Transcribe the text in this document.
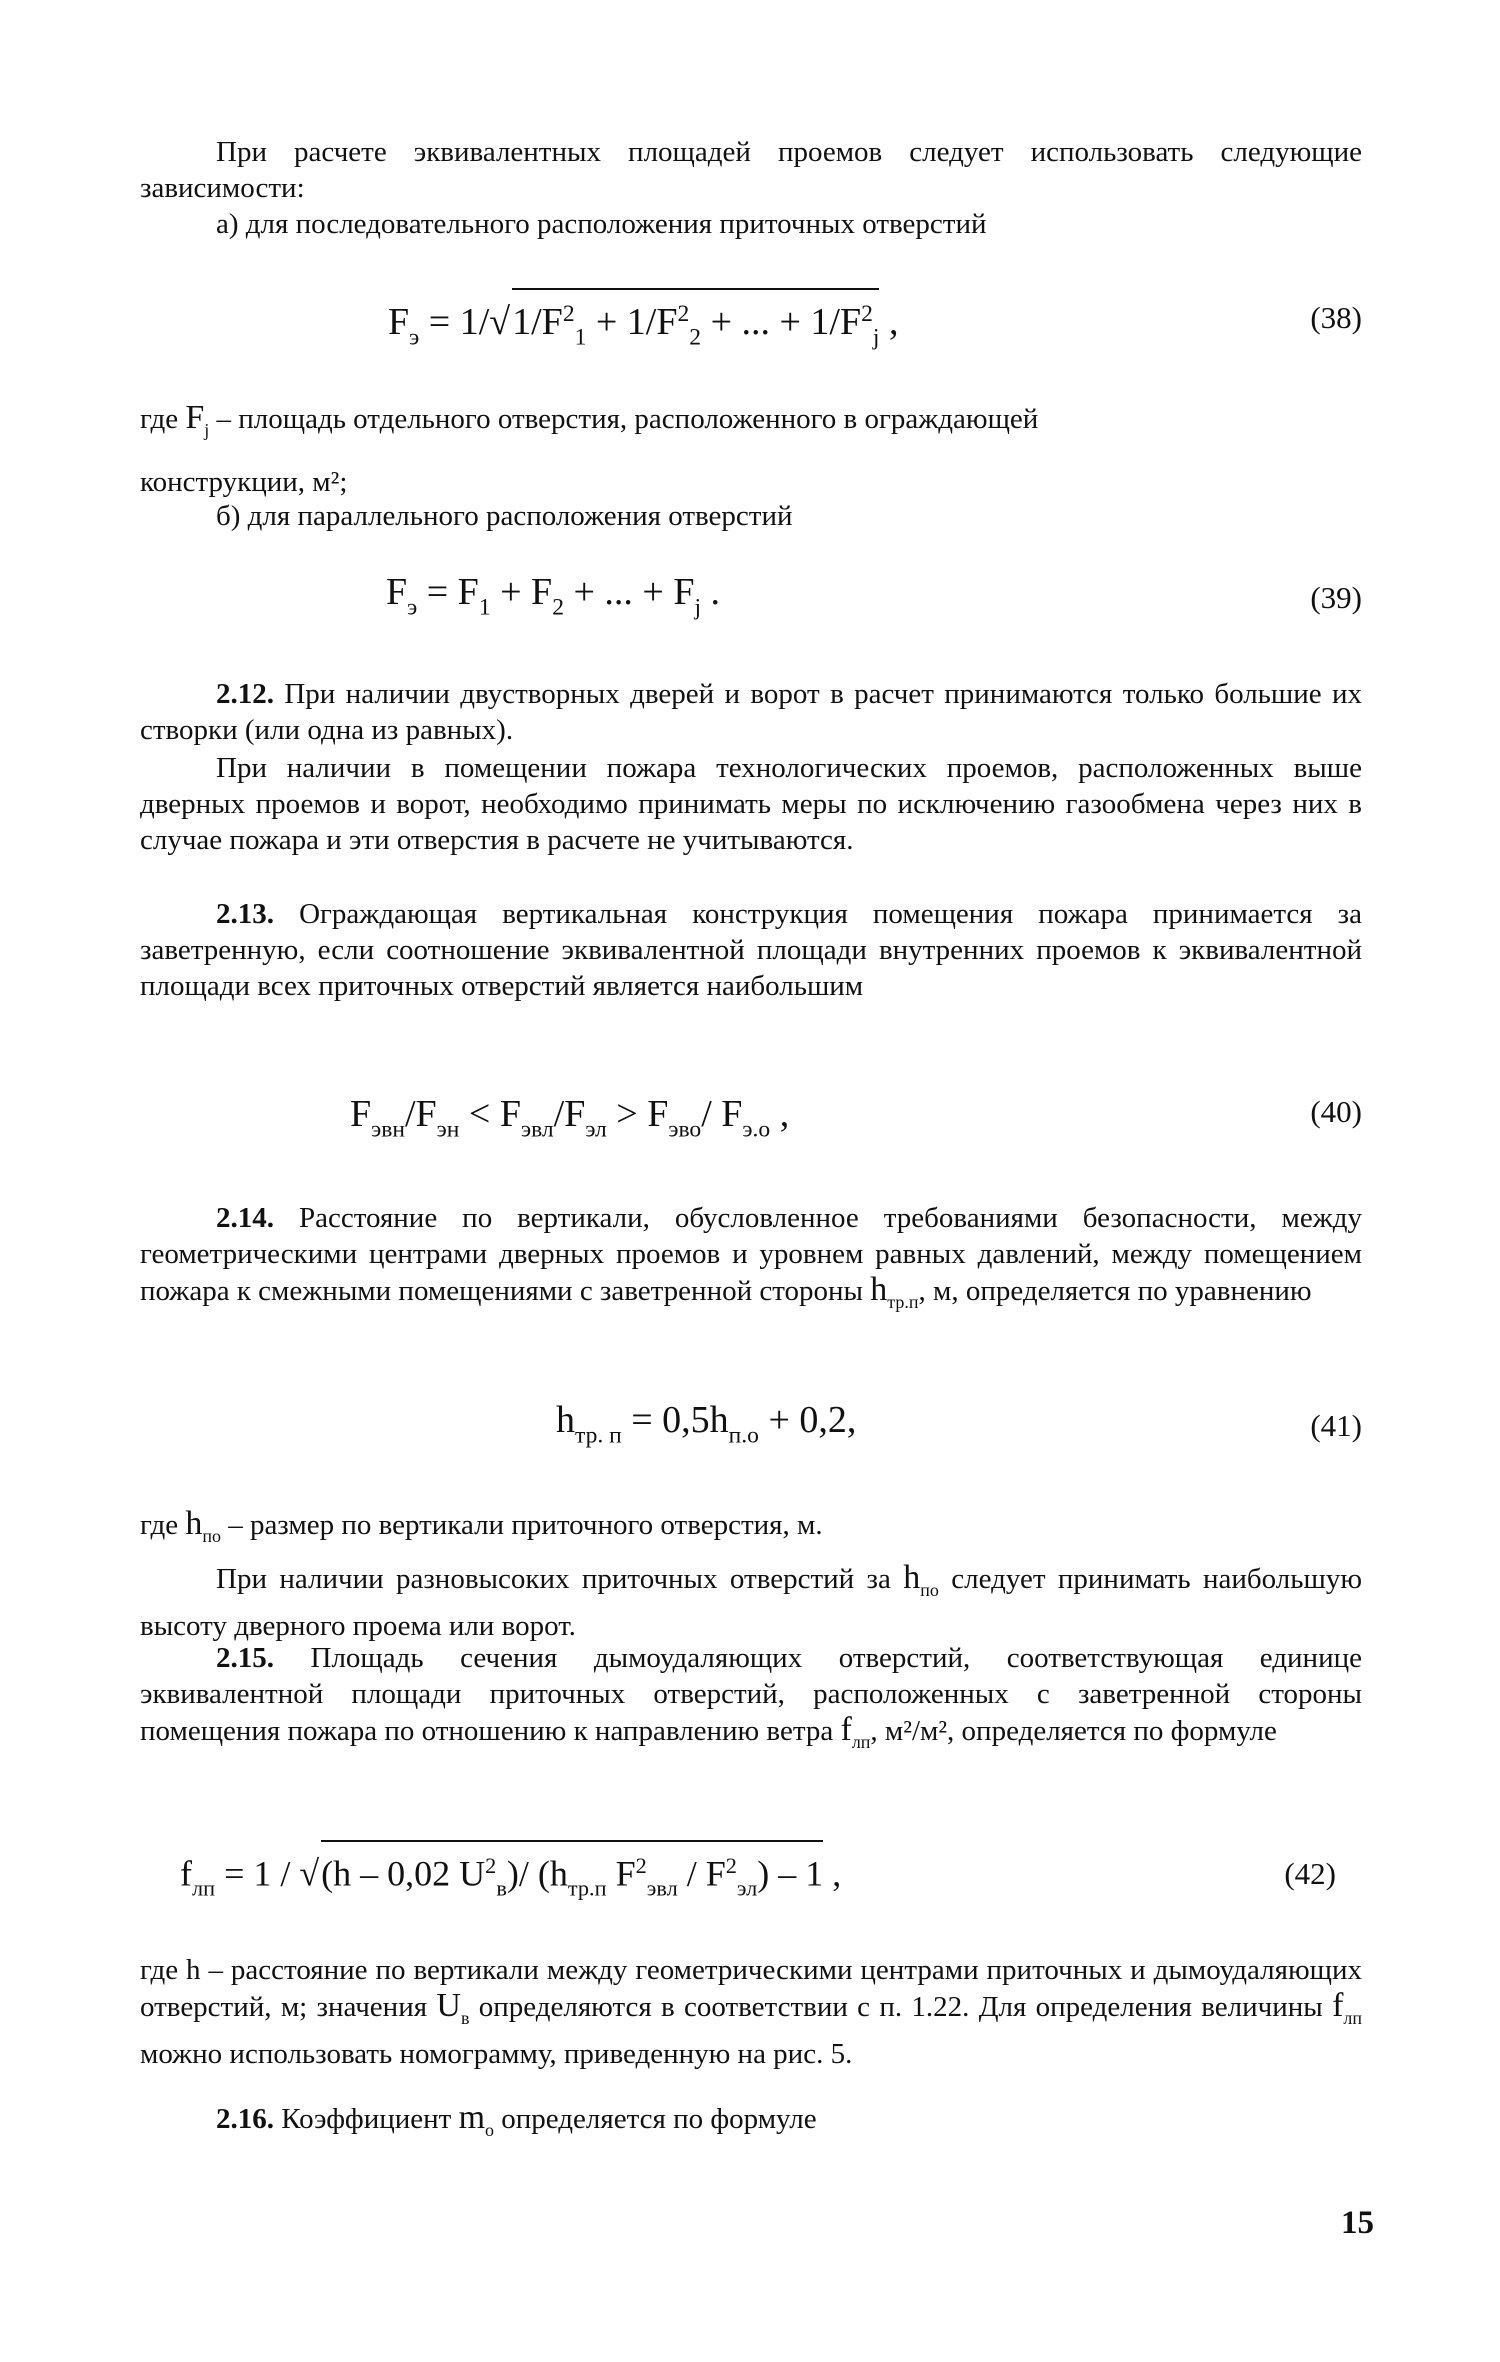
При расчете эквивалентных площадей проемов следует использовать следующие зависимости:

а) для последовательного расположения приточных отверстий

$F_э = 1/√1/F^2_1 + 1/F^2_2$ + ... + $1/F^2_j$ ,	(38)

где $F_j$ – площадь отдельного отверстия, расположенного в ограждающей

конструкции, м²;

б) для параллельного расположения отверстий

$F_э = F_1 + F_2$ + ... + $F_j$ .	(39)

2.12. При наличии двустворных дверей и ворот в расчет принимаются только большие их створки (или одна из равных).

При наличии в помещении пожара технологических проемов, расположенных выше дверных проемов и ворот, необходимо принимать меры по исключению газообмена через них в случае пожара и эти отверстия в расчете не учитываются.

2.13. Ограждающая вертикальная конструкция помещения пожара принимается за заветренную, если соотношение эквивалентной площади внутренних проемов к эквивалентной площади всех приточных отверстий является наибольшим

$F_{эвн}/F_{эн} < F_{эвл}/F_{эл} > F_{эво}/$ $F_{э.о}$ ,	(40)

2.14. Расстояние по вертикали, обусловленное требованиями безопасности, между геометрическими центрами дверных проемов и уровнем равных давлений, между помещением пожара к смежными помещениями с заветренной стороны $h_{тр.п}$, м, определяется по уравнению

$h_{тр. п} = 0,5h_{п.о} + 0,2$,	(41)

где $h_{по}$ – размер по вертикали приточного отверстия, м.

При наличии разновысоких приточных отверстий за $h_{по}$ следует принимать наибольшую высоту дверного проема или ворот.

2.15. Площадь сечения дымоудаляющих отверстий, соответствующая единице эквивалентной площади приточных отверстий, расположенных с заветренной стороны помещения пожара по отношению к направлению ветра $f_{лп}$, м²/м², определяется по формуле

$f_{лп} = 1 / √(h - 0,02$ $U^2_в)/$ ($h_{тр.п}$ $F^2_{эвл} / F^2_{эл}) - 1$ ,	(42)

где h – расстояние по вертикали между геометрическими центрами приточных и дымоудаляющих отверстий, м; значения $U_в$ определяются в соответствии с п. 1.22. Для определения величины $f_{лп}$ можно использовать номограмму, приведенную на рис. 5.

2.16. Коэффициент $m_о$ определяется по формуле

15
